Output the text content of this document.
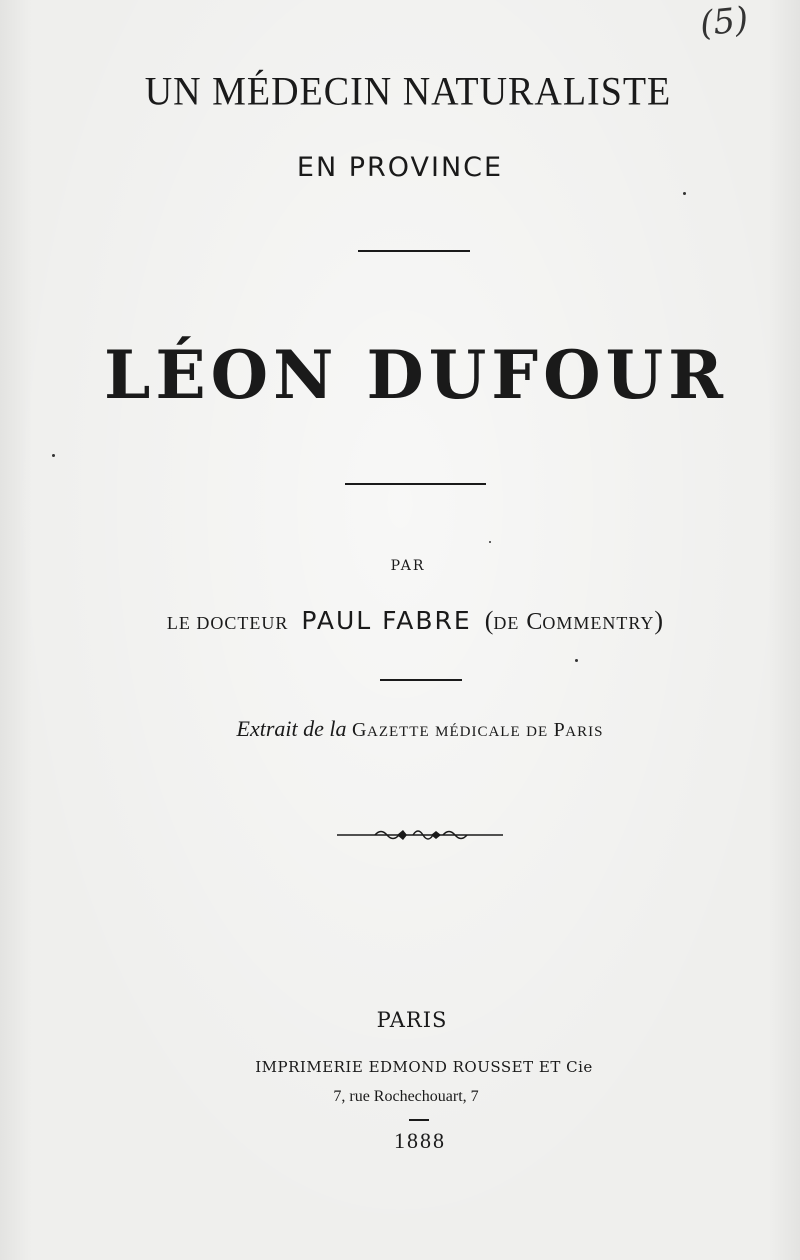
(5)
UN MÉDECIN NATURALISTE
EN PROVINCE
LÉON DUFOUR
PAR
LE DOCTEUR PAUL FABRE (DE COMMENTRY)
Extrait de la GAZETTE MÉDICALE DE PARIS
PARIS
IMPRIMERIE EDMOND ROUSSET ET Cie
7, rue Rochechouart, 7
1888
